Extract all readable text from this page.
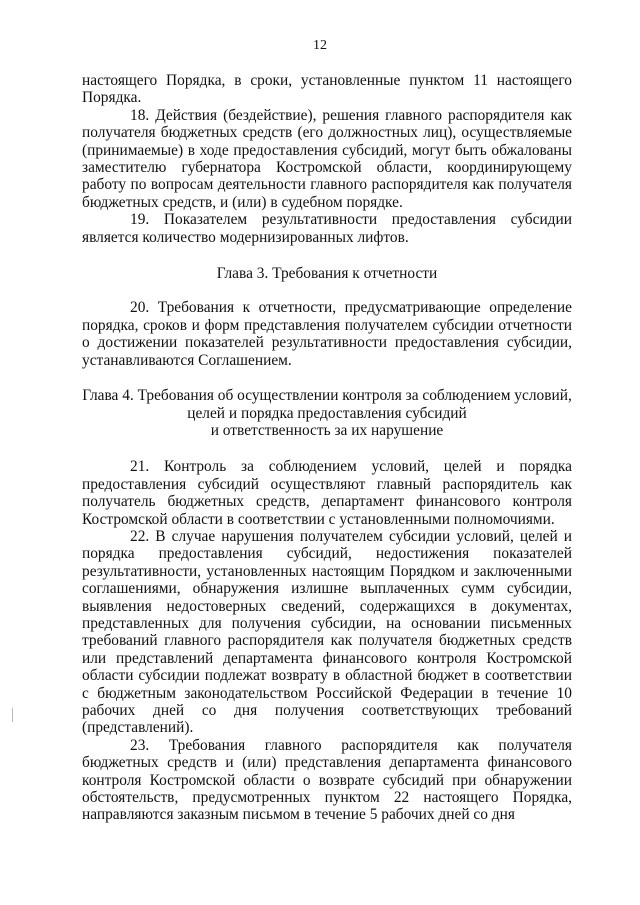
12

настоящего Порядка, в сроки, установленные пунктом 11 настоящего Порядка.

18. Действия (бездействие), решения главного распорядителя как получателя бюджетных средств (его должностных лиц), осуществляемые (принимаемые) в ходе предоставления субсидий, могут быть обжалованы заместителю губернатора Костромской области, координирующему работу по вопросам деятельности главного распорядителя как получателя бюджетных средств, и (или) в судебном порядке.

19. Показателем результативности предоставления субсидии является количество модернизированных лифтов.

Глава 3. Требования к отчетности

20. Требования к отчетности, предусматривающие определение порядка, сроков и форм представления получателем субсидии отчетности о достижении показателей результативности предоставления субсидии, устанавливаются Соглашением.

Глава 4. Требования об осуществлении контроля за соблюдением условий,
целей и порядка предоставления субсидий
и ответственность за их нарушение

21. Контроль за соблюдением условий, целей и порядка предоставления субсидий осуществляют главный распорядитель как получатель бюджетных средств, департамент финансового контроля Костромской области в соответствии с установленными полномочиями.

22. В случае нарушения получателем субсидии условий, целей и порядка предоставления субсидий, недостижения показателей результативности, установленных настоящим Порядком и заключенными соглашениями, обнаружения излишне выплаченных сумм субсидии, выявления недостоверных сведений, содержащихся в документах, представленных для получения субсидии, на основании письменных требований главного распорядителя как получателя бюджетных средств или представлений департамента финансового контроля Костромской области субсидии подлежат возврату в областной бюджет в соответствии с бюджетным законодательством Российской Федерации в течение 10 рабочих дней со дня получения соответствующих требований (представлений).

23. Требования главного распорядителя как получателя бюджетных средств и (или) представления департамента финансового контроля Костромской области о возврате субсидий при обнаружении обстоятельств, предусмотренных пунктом 22 настоящего Порядка, направляются заказным письмом в течение 5 рабочих дней со дня
